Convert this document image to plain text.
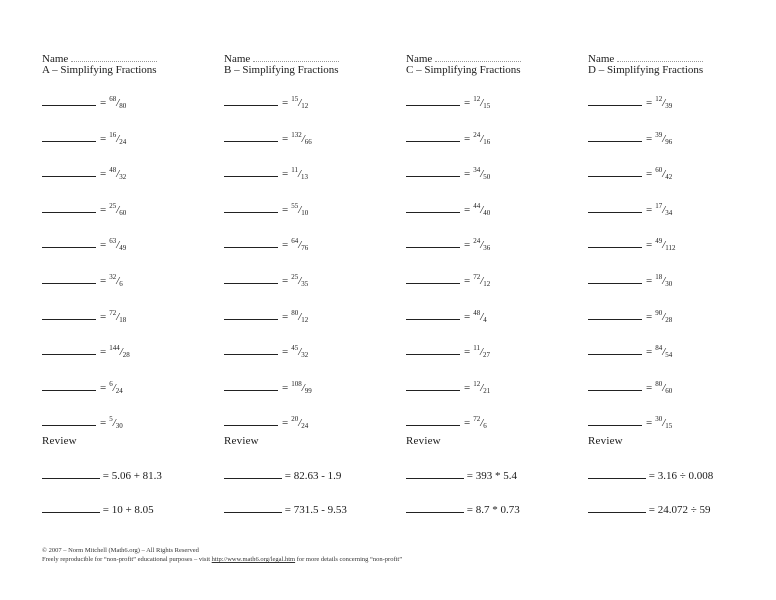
Name
A – Simplifying Fractions
= $^{68}/_{80}$
= $^{16}/_{24}$
= $^{48}/_{32}$
= $^{25}/_{60}$
= $^{63}/_{49}$
= $^{32}/_6$
= $^{72}/_{18}$
= $^{144}/_{28}$
= $^6/_{24}$
= $^5/_{30}$
Review
= 5.06 + 81.3
= 10 + 8.05
Name
B – Simplifying Fractions
= $^{15}/_{12}$
= $^{132}/_{66}$
= $^{11}/_{13}$
= $^{55}/_{10}$
= $^{64}/_{76}$
= $^{25}/_{35}$
= $^{80}/_{12}$
= $^{45}/_{32}$
= $^{108}/_{99}$
= $^{20}/_{24}$
Review
= 82.63 - 1.9
= 731.5 - 9.53
Name
C – Simplifying Fractions
= $^{12}/_{15}$
= $^{24}/_{16}$
= $^{34}/_{50}$
= $^{44}/_{40}$
= $^{24}/_{36}$
= $^{72}/_{12}$
= $^{48}/_4$
= $^{11}/_{27}$
= $^{12}/_{21}$
= $^{72}/_6$
Review
= 393 * 5.4
= 8.7 * 0.73
Name
D – Simplifying Fractions
= $^{12}/_{39}$
= $^{39}/_{96}$
= $^{60}/_{42}$
= $^{17}/_{34}$
= $^{49}/_{112}$
= $^{18}/_{30}$
= $^{90}/_{28}$
= $^{84}/_{54}$
= $^{80}/_{60}$
= $^{30}/_{15}$
Review
= 3.16 ÷ 0.008
= 24.072 ÷ 59
© 2007 – Norm Mitchell (Math6.org) – All Rights Reserved
Freely reproducible for “non-profit” educational purposes – visit http://www.math6.org/legal.htm for more details concerning “non-profit”
